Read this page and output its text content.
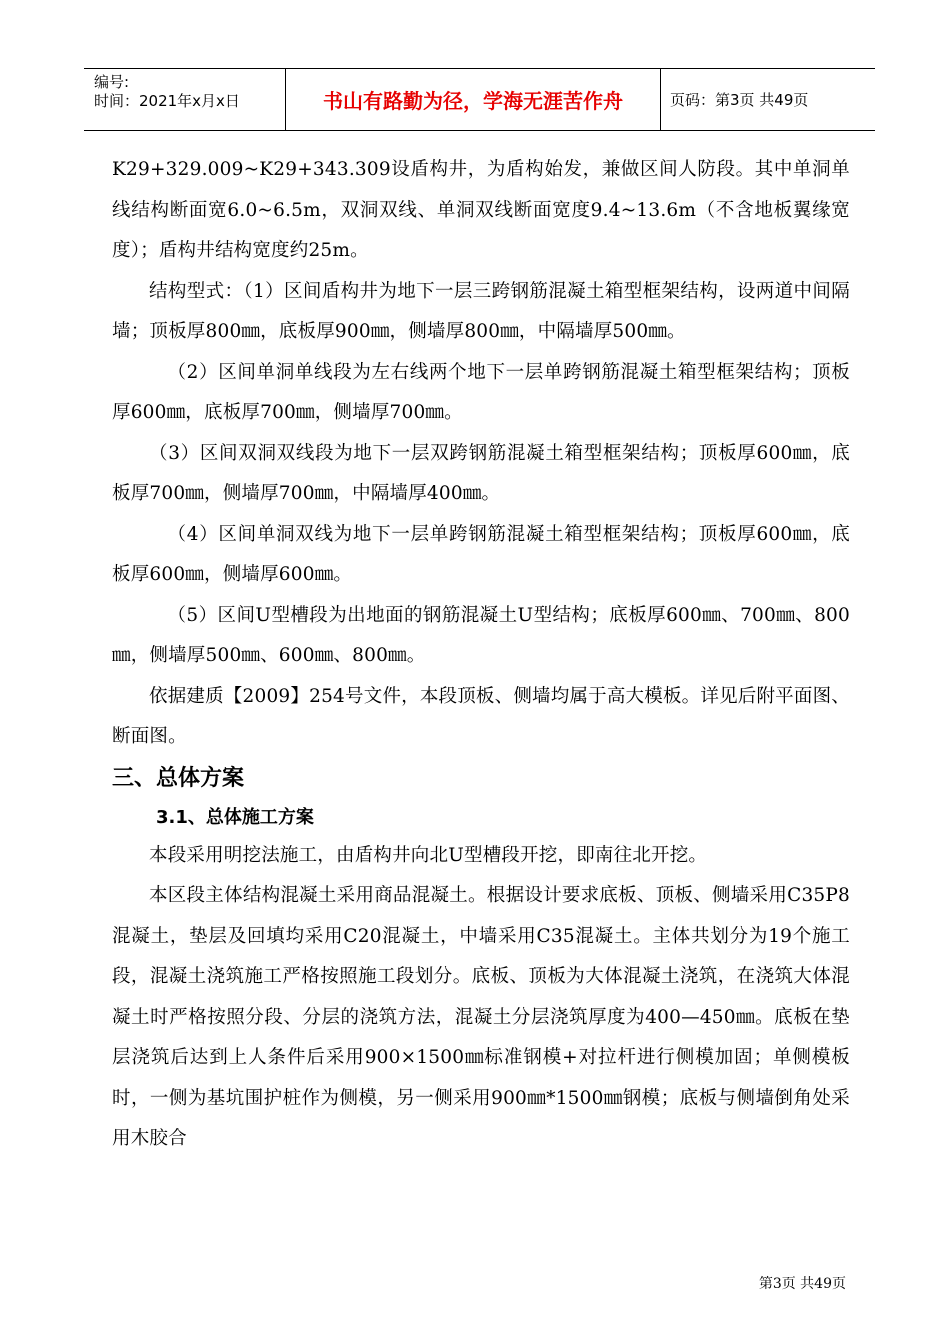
编号:
时间：2021年x月x日	书山有路勤为径，学海无涯苦作舟	页码：第3页 共49页

K29+329.009~K29+343.309设盾构井，为盾构始发，兼做区间人防段。其中单洞单线结构断面宽6.0~6.5m，双洞双线、单洞双线断面宽度9.4~13.6m（不含地板翼缘宽度）；盾构井结构宽度约25m。

结构型式：（1）区间盾构井为地下一层三跨钢筋混凝土箱型框架结构，设两道中间隔墙；顶板厚800㎜，底板厚900㎜，侧墙厚800㎜，中隔墙厚500㎜。

（2）区间单洞单线段为左右线两个地下一层单跨钢筋混凝土箱型框架结构；顶板厚600㎜，底板厚700㎜，侧墙厚700㎜。

（3）区间双洞双线段为地下一层双跨钢筋混凝土箱型框架结构；顶板厚600㎜，底板厚700㎜，侧墙厚700㎜，中隔墙厚400㎜。

（4）区间单洞双线为地下一层单跨钢筋混凝土箱型框架结构；顶板厚600㎜，底板厚600㎜，侧墙厚600㎜。

（5）区间U型槽段为出地面的钢筋混凝土U型结构；底板厚600㎜、700㎜、800㎜，侧墙厚500㎜、600㎜、800㎜。

依据建质【2009】254号文件，本段顶板、侧墙均属于高大模板。详见后附平面图、断面图。

三、总体方案
3.1、总体施工方案

本段采用明挖法施工，由盾构井向北U型槽段开挖，即南往北开挖。

本区段主体结构混凝土采用商品混凝土。根据设计要求底板、顶板、侧墙采用C35P8混凝土，垫层及回填均采用C20混凝土，中墙采用C35混凝土。主体共划分为19个施工段，混凝土浇筑施工严格按照施工段划分。底板、顶板为大体混凝土浇筑，在浇筑大体混凝土时严格按照分段、分层的浇筑方法，混凝土分层浇筑厚度为400—450㎜。底板在垫层浇筑后达到上人条件后采用900×1500㎜标准钢模+对拉杆进行侧模加固；单侧模板时，一侧为基坑围护桩作为侧模，另一侧采用900㎜*1500㎜钢模；底板与侧墙倒角处采用木胶合

第3页 共49页
